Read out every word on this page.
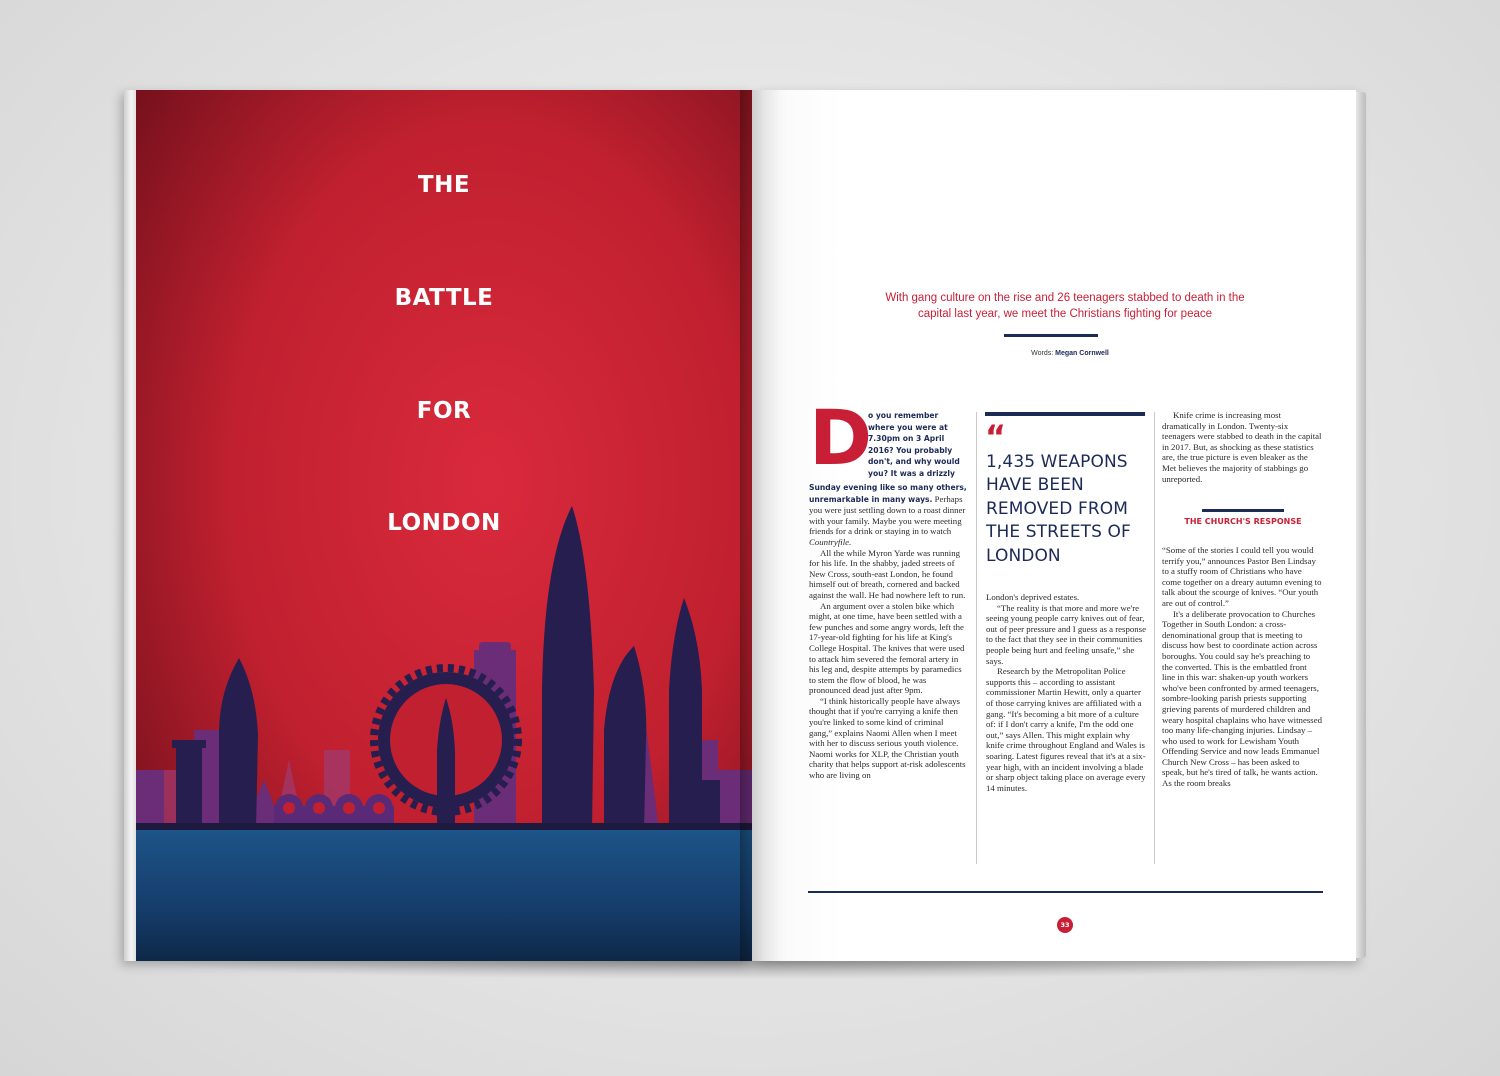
THE
BATTLE
FOR
LONDON
With gang culture on the rise and 26 teenagers stabbed to death in the
capital last year, we meet the Christians fighting for peace
Words: Megan Cornwell
D
o you remember where you were at 7.30pm on 3 April 2016? You probably don't, and why would you? It was a drizzly

Sunday evening like so many others, unremarkable in many ways. Perhaps you were just settling down to a roast dinner with your family. Maybe you were meeting friends for a drink or staying in to watch Countryfile.

All the while Myron Yarde was running for his life. In the shabby, jaded streets of New Cross, south-east London, he found himself out of breath, cornered and backed against the wall. He had nowhere left to run.

An argument over a stolen bike which might, at one time, have been settled with a few punches and some angry words, left the 17-year-old fighting for his life at King's College Hospital. The knives that were used to attack him severed the femoral artery in his leg and, despite attempts by paramedics to stem the flow of blood, he was pronounced dead just after 9pm.

“I think historically people have always thought that if you're carrying a knife then you're linked to some kind of criminal gang,” explains Naomi Allen when I meet with her to discuss serious youth violence. Naomi works for XLP, the Christian youth charity that helps support at-risk adolescents who are living on

“
1,435 WEAPONS HAVE BEEN REMOVED FROM THE STREETS OF LONDON

London's deprived estates.

“The reality is that more and more we're seeing young people carry knives out of fear, out of peer pressure and I guess as a response to the fact that they see in their communities people being hurt and feeling unsafe,” she says.

Research by the Metropolitan Police supports this – according to assistant commissioner Martin Hewitt, only a quarter of those carrying knives are affiliated with a gang. “It's becoming a bit more of a culture of: if I don't carry a knife, I'm the odd one out,” says Allen. This might explain why knife crime throughout England and Wales is soaring. Latest figures reveal that it's at a six-year high, with an incident involving a blade or sharp object taking place on average every 14 minutes.

Knife crime is increasing most dramatically in London. Twenty-six teenagers were stabbed to death in the capital in 2017. But, as shocking as these statistics are, the true picture is even bleaker as the Met believes the majority of stabbings go unreported.

THE CHURCH'S RESPONSE

“Some of the stories I could tell you would terrify you,” announces Pastor Ben Lindsay to a stuffy room of Christians who have come together on a dreary autumn evening to talk about the scourge of knives. “Our youth are out of control.”

It's a deliberate provocation to Churches Together in South London: a cross-denominational group that is meeting to discuss how best to coordinate action across boroughs. You could say he's preaching to the converted. This is the embattled front line in this war: shaken-up youth workers who've been confronted by armed teenagers, sombre-looking parish priests supporting grieving parents of murdered children and weary hospital chaplains who have witnessed too many life-changing injuries. Lindsay – who used to work for Lewisham Youth Offending Service and now leads Emmanuel Church New Cross – has been asked to speak, but he's tired of talk, he wants action. As the room breaks

33
